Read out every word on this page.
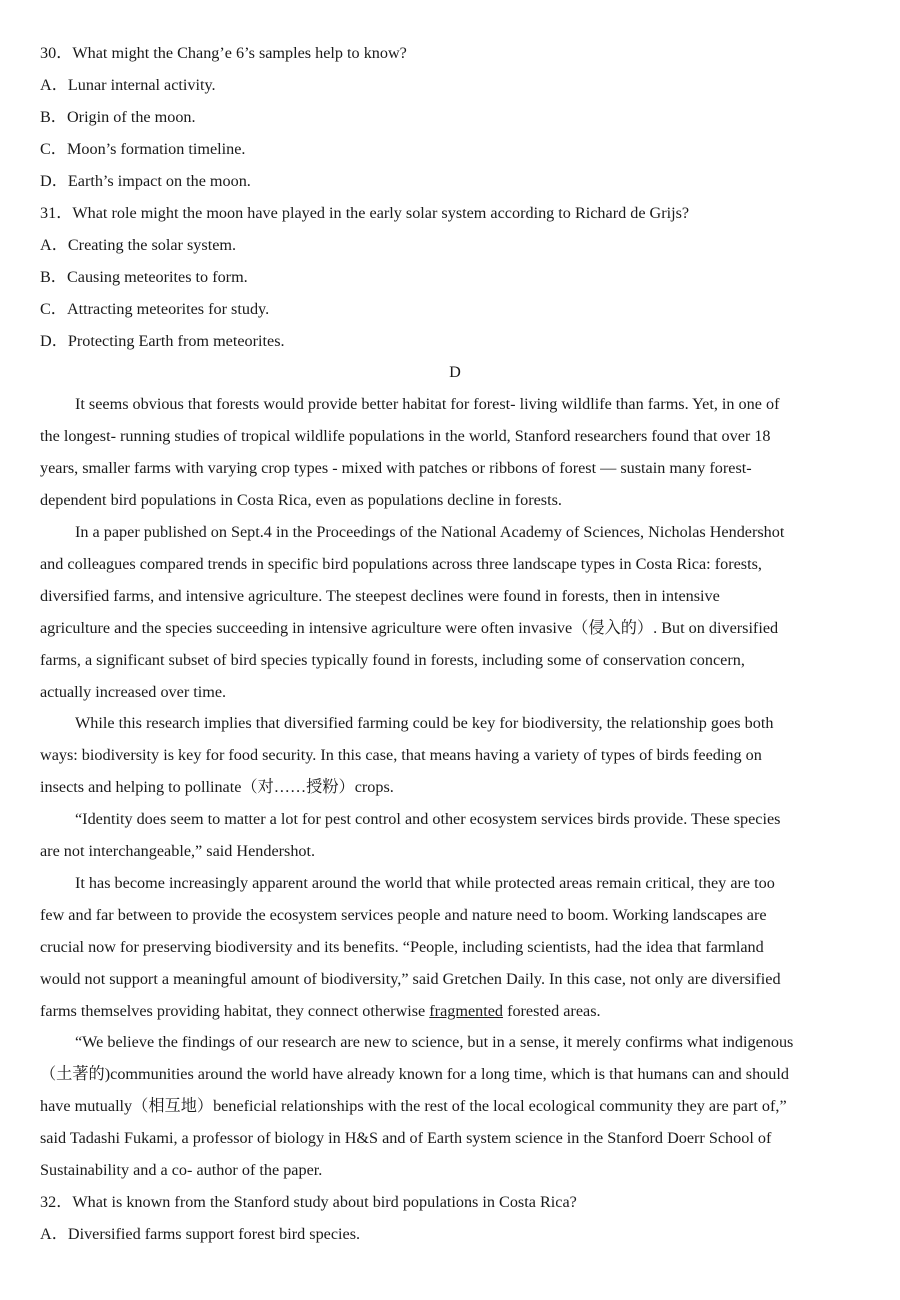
30．What might the Chang’e 6’s samples help to know?
A．Lunar internal activity.
B．Origin of the moon.
C．Moon’s formation timeline.
D．Earth’s impact on the moon.
31．What role might the moon have played in the early solar system according to Richard de Grijs?
A．Creating the solar system.
B．Causing meteorites to form.
C．Attracting meteorites for study.
D．Protecting Earth from meteorites.
D
It seems obvious that forests would provide better habitat for forest- living wildlife than farms. Yet, in one of
the longest- running studies of tropical wildlife populations in the world, Stanford researchers found that over 18
years, smaller farms with varying crop types - mixed with patches or ribbons of forest — sustain many forest-
dependent bird populations in Costa Rica, even as populations decline in forests.
In a paper published on Sept.4 in the Proceedings of the National Academy of Sciences, Nicholas Hendershot
and colleagues compared trends in specific bird populations across three landscape types in Costa Rica: forests,
diversified farms, and intensive agriculture. The steepest declines were found in forests, then in intensive
agriculture and the species succeeding in intensive agriculture were often invasive（侵入的）. But on diversified
farms, a significant subset of bird species typically found in forests, including some of conservation concern,
actually increased over time.
While this research implies that diversified farming could be key for biodiversity, the relationship goes both
ways: biodiversity is key for food security. In this case, that means having a variety of types of birds feeding on
insects and helping to pollinate（对……授粉）crops.
“Identity does seem to matter a lot for pest control and other ecosystem services birds provide. These species
are not interchangeable,” said Hendershot.
It has become increasingly apparent around the world that while protected areas remain critical, they are too
few and far between to provide the ecosystem services people and nature need to boom. Working landscapes are
crucial now for preserving biodiversity and its benefits. “People, including scientists, had the idea that farmland
would not support a meaningful amount of biodiversity,” said Gretchen Daily. In this case, not only are diversified
farms themselves providing habitat, they connect otherwise fragmented forested areas.
“We believe the findings of our research are new to science, but in a sense, it merely confirms what indigenous
（土著的)communities around the world have already known for a long time, which is that humans can and should
have mutually（相互地）beneficial relationships with the rest of the local ecological community they are part of,”
said Tadashi Fukami, a professor of biology in H&S and of Earth system science in the Stanford Doerr School of
Sustainability and a co- author of the paper.
32．What is known from the Stanford study about bird populations in Costa Rica?
A．Diversified farms support forest bird species.
